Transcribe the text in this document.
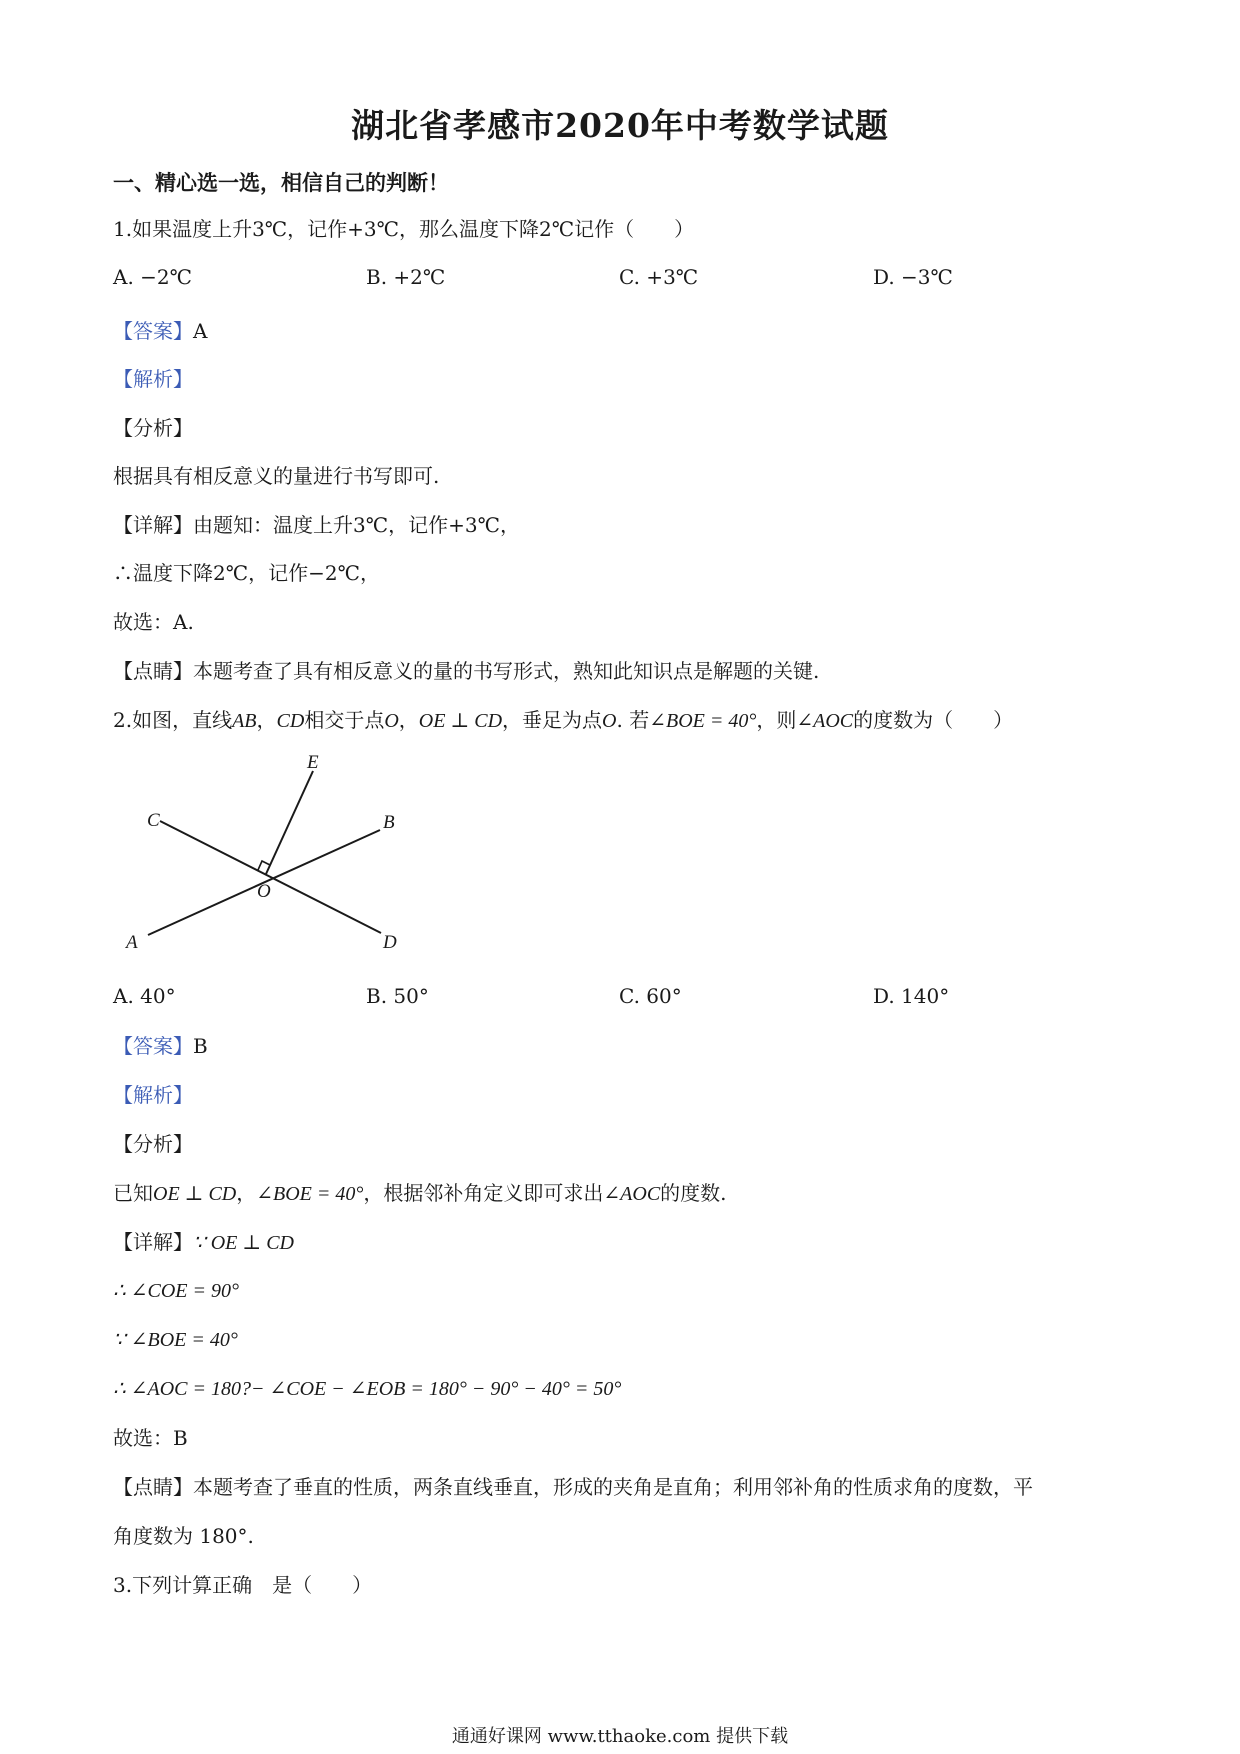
湖北省孝感市2020年中考数学试题
一、精心选一选，相信自己的判断！
1.如果温度上升3℃，记作+3℃，那么温度下降2℃记作（　　）
A. −2℃	B. +2℃	C. +3℃	D. −3℃
【答案】A
【解析】
【分析】
根据具有相反意义的量进行书写即可.
【详解】由题知：温度上升3℃，记作+3℃，
∴温度下降2℃，记作−2℃，
故选：A.
【点睛】本题考查了具有相反意义的量的书写形式，熟知此知识点是解题的关键.
2.如图，直线AB，CD相交于点O，OE ⊥ CD，垂足为点O. 若∠BOE = 40°，则∠AOC的度数为（　　）
E
C	B
O
A	D
A. 40°	B. 50°	C. 60°	D. 140°
【答案】B
【解析】
【分析】
已知OE ⊥ CD，∠BOE = 40°，根据邻补角定义即可求出∠AOC的度数.
【详解】∵ OE ⊥ CD
∴ ∠COE = 90°
∵ ∠BOE = 40°
∴ ∠AOC = 180?− ∠COE − ∠EOB = 180° − 90° − 40° = 50°
故选：B
【点睛】本题考查了垂直的性质，两条直线垂直，形成的夹角是直角；利用邻补角的性质求角的度数，平
角度数为 180°.
3.下列计算正确　是（　　）
通通好课网 www.tthaoke.com 提供下载
